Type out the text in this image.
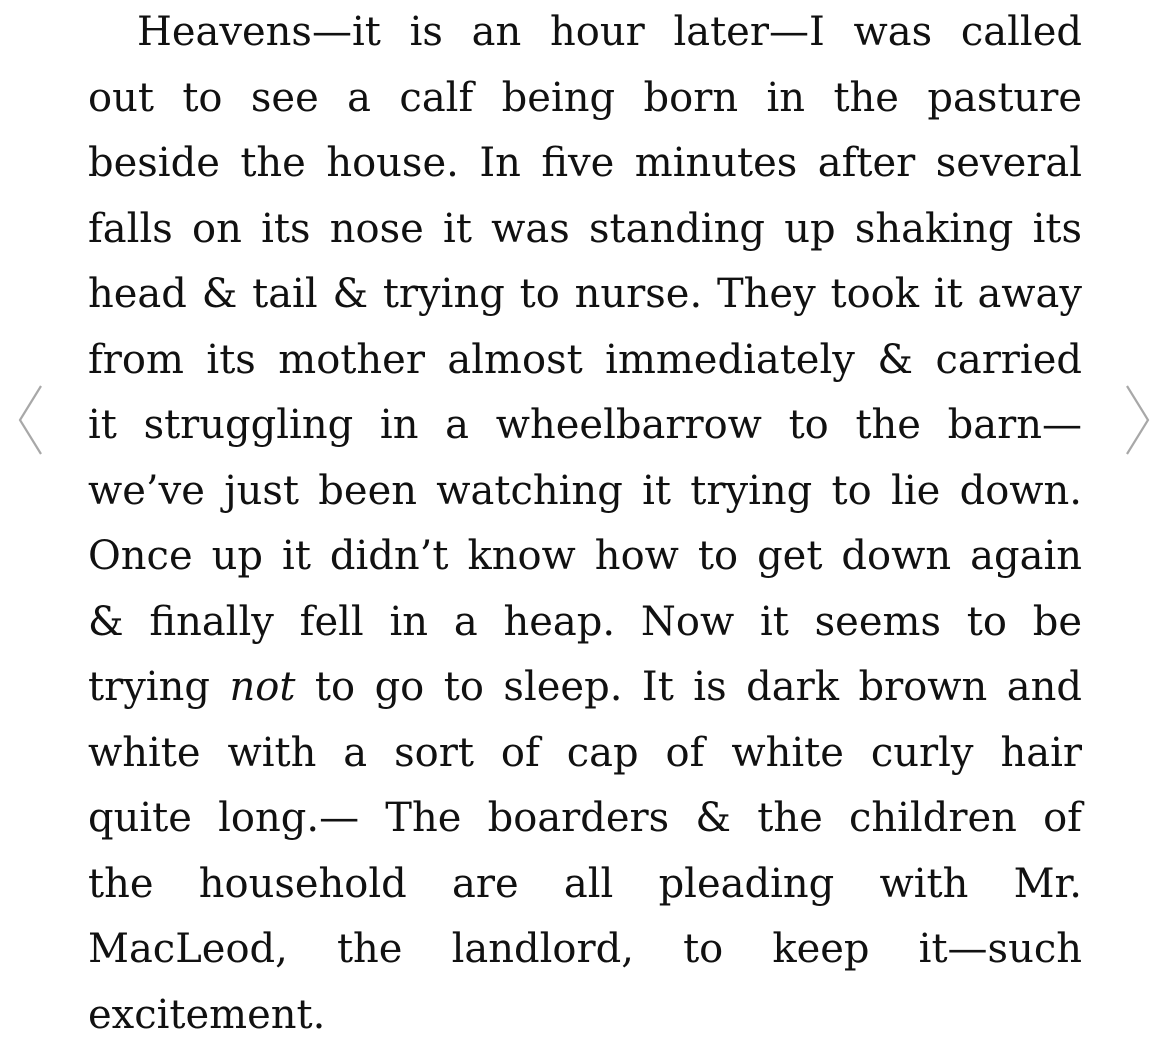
Heavens—it is an hour later—I was called
out to see a calf being born in the pasture
beside the house. In five minutes after several
falls on its nose it was standing up shaking its
head & tail & trying to nurse. They took it away
from its mother almost immediately & carried
it struggling in a wheelbarrow to the barn—
we’ve just been watching it trying to lie down.
Once up it didn’t know how to get down again
& finally fell in a heap. Now it seems to be
trying not to go to sleep. It is dark brown and
white with a sort of cap of white curly hair
quite long.— The boarders & the children of
the household are all pleading with Mr.
MacLeod, the landlord, to keep it—such
excitement.
